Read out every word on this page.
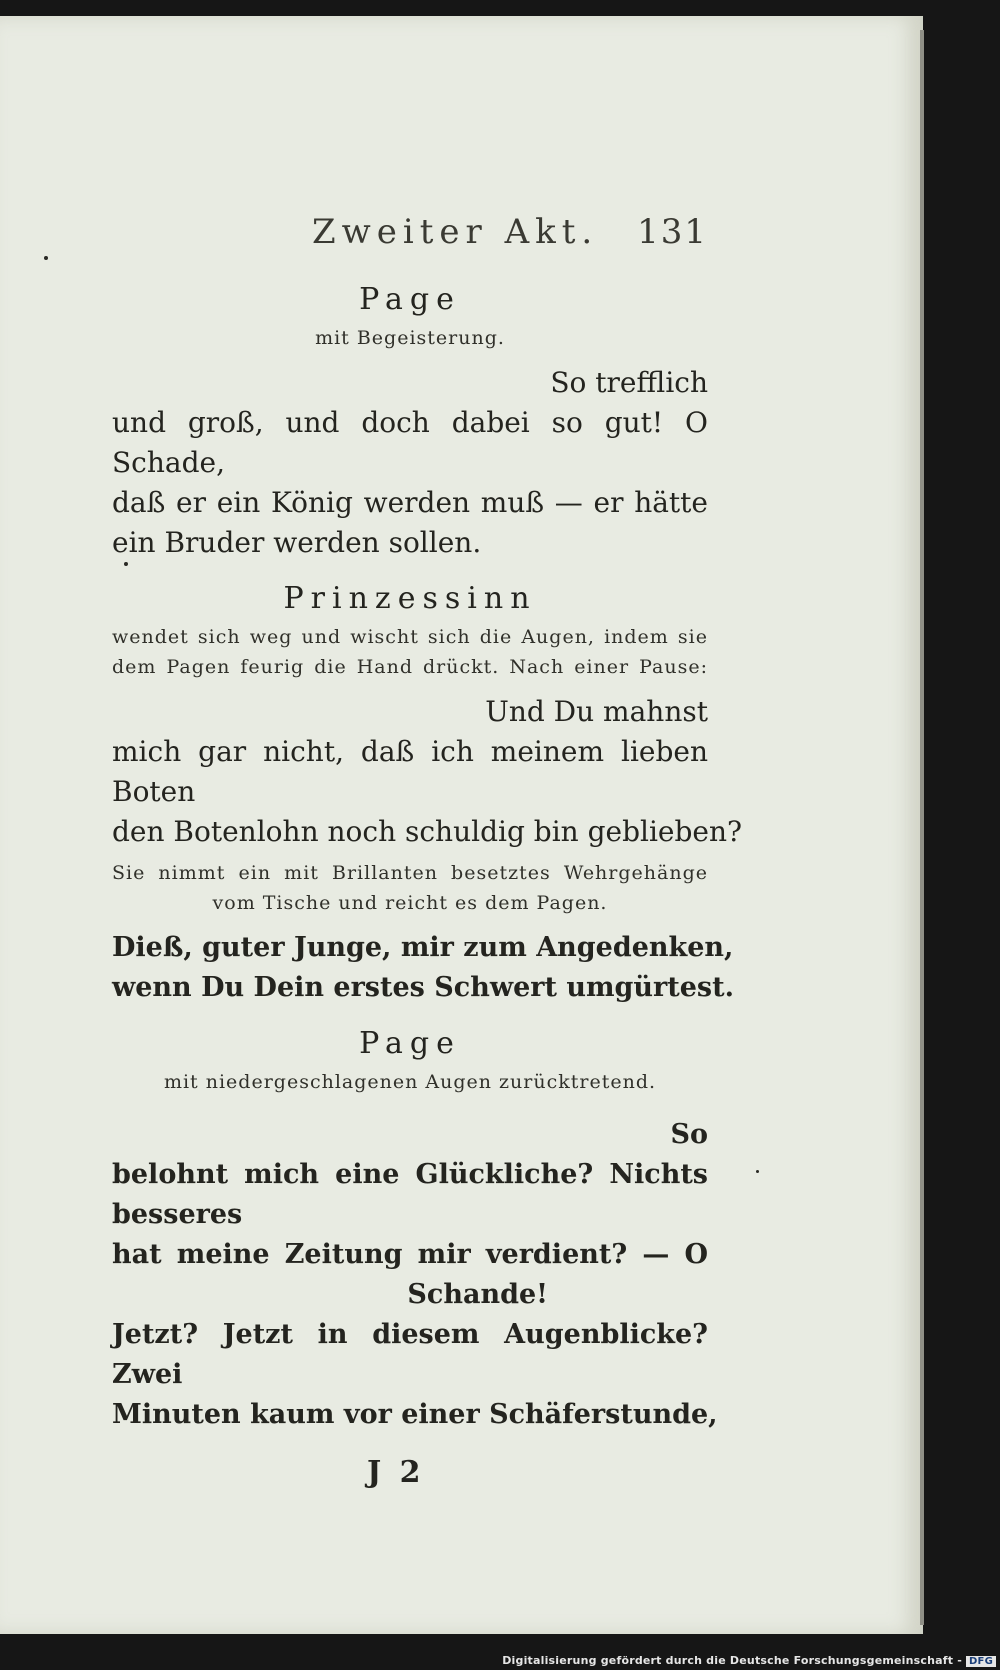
Zweiter Akt. 131
Page
mit Begeisterung.
So trefflich
und groß, und doch dabei so gut! O Schade,
daß er ein König werden muß — er hätte
ein Bruder werden sollen.
Prinzessinn
wendet sich weg und wischt sich die Augen, indem sie dem Pagen feurig die Hand drückt. Nach einer Pause:
Und Du mahnst
mich gar nicht, daß ich meinem lieben Boten
den Botenlohn noch schuldig bin geblieben?
Sie nimmt ein mit Brillanten besetztes Wehrgehänge vom Tische und reicht es dem Pagen.
Dieß, guter Junge, mir zum Angedenken,
wenn Du Dein erstes Schwert umgürtest.
Page
mit niedergeschlagenen Augen zurücktretend.
So
belohnt mich eine Glückliche? Nichts besseres
hat meine Zeitung mir verdient? — O
Schande!
Jetzt? Jetzt in diesem Augenblicke? Zwei
Minuten kaum vor einer Schäferstunde,
J 2
Digitalisierung gefördert durch die Deutsche Forschungsgemeinschaft - DFG
